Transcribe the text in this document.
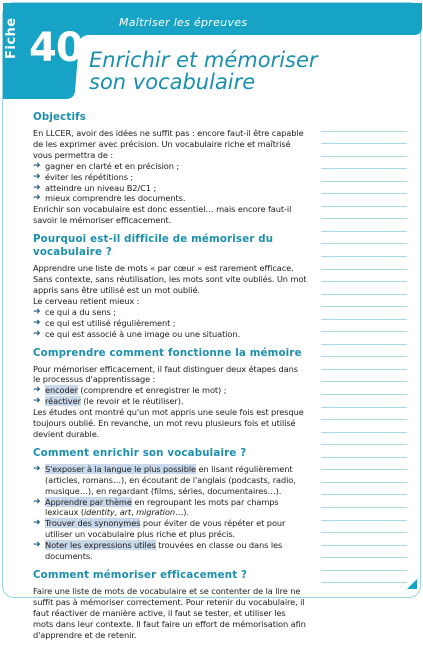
Fiche 40
Maîtriser les épreuves
Enrichir et mémoriser
son vocabulaire
Objectifs

En LLCER, avoir des idées ne suffit pas : encore faut-il être capable de les exprimer avec précision. Un vocabulaire riche et maîtrisé vous permettra de :

➜ gagner en clarté et en précision ;
➜ éviter les répétitions ;
➜ atteindre un niveau B2/C1 ;
➜ mieux comprendre les documents.

Enrichir son vocabulaire est donc essentiel… mais encore faut-il savoir le mémoriser efficacement.

Pourquoi est-il difficile de mémoriser du vocabulaire ?

Apprendre une liste de mots « par cœur » est rarement efficace. Sans contexte, sans réutilisation, les mots sont vite oubliés. Un mot appris sans être utilisé est un mot oublié.

Le cerveau retient mieux :

➜ ce qui a du sens ;
➜ ce qui est utilisé régulièrement ;
➜ ce qui est associé à une image ou une situation.
Comprendre comment fonctionne la mémoire

Pour mémoriser efficacement, il faut distinguer deux étapes dans le processus d'apprentissage :

➜ encoder (comprendre et enregistrer le mot) ;
➜ réactiver (le revoir et le réutiliser).

Les études ont montré qu'un mot appris une seule fois est presque toujours oublié. En revanche, un mot revu plusieurs fois et utilisé devient durable.

Comment enrichir son vocabulaire ?
➜ S'exposer à la langue le plus possible en lisant régulièrement (articles, romans…), en écoutant de l'anglais (podcasts, radio, musique…), en regardant (films, séries, documentaires…).
➜ Apprendre par thème en regroupant les mots par champs lexicaux (identity, art, migration…).
➜ Trouver des synonymes pour éviter de vous répéter et pour utiliser un vocabulaire plus riche et plus précis.
➜ Noter les expressions utiles trouvées en classe ou dans les documents.
Comment mémoriser efficacement ?

Faire une liste de mots de vocabulaire et se contenter de la lire ne suffit pas à mémoriser correctement. Pour retenir du vocabulaire, il faut réactiver de manière active, il faut se tester, et utiliser les mots dans leur contexte. Il faut faire un effort de mémorisation afin d'apprendre et de retenir.
